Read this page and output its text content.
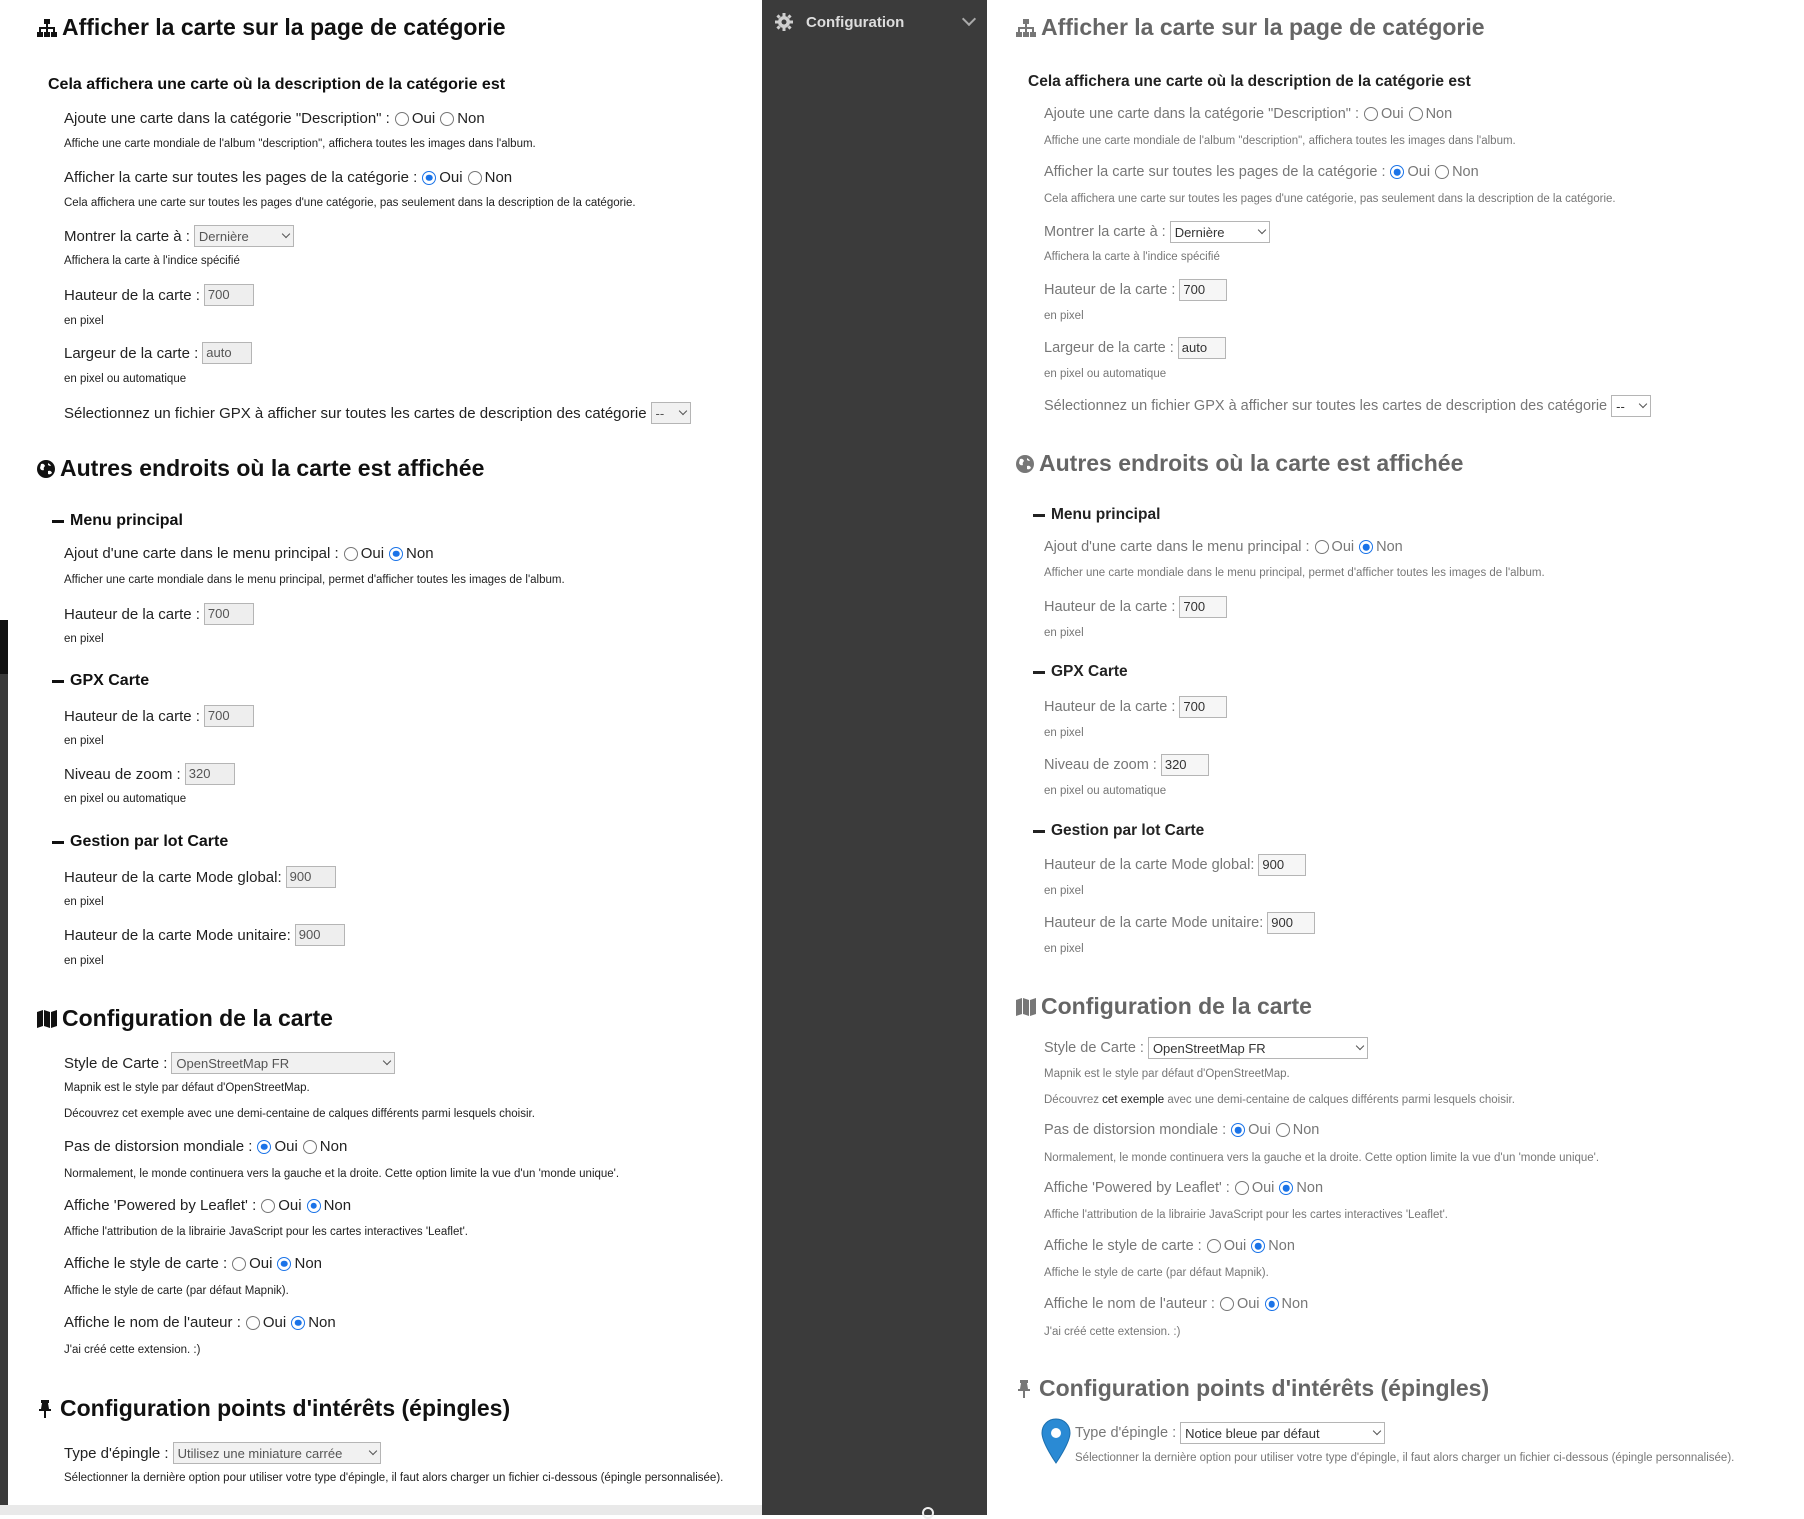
Afficher la carte sur la page de catégorie
Cela affichera une carte où la description de la catégorie est
Ajoute une carte dans la catégorie "Description" : Oui Non
Affiche une carte mondiale de l'album "description", affichera toutes les images dans l'album.
Afficher la carte sur toutes les pages de la catégorie : Oui Non
Cela affichera une carte sur toutes les pages d'une catégorie, pas seulement dans la description de la catégorie.
Montrer la carte à : Dernière
Affichera la carte à l'indice spécifié
Hauteur de la carte : 700
en pixel
Largeur de la carte : auto
en pixel ou automatique
Sélectionnez un fichier GPX à afficher sur toutes les cartes de description des catégorie --
Autres endroits où la carte est affichée
Menu principal
Ajout d'une carte dans le menu principal : Oui Non
Afficher une carte mondiale dans le menu principal, permet d'afficher toutes les images de l'album.
Hauteur de la carte : 700
en pixel
GPX Carte
Hauteur de la carte : 700
en pixel
Niveau de zoom : 320
en pixel ou automatique
Gestion par lot Carte
Hauteur de la carte Mode global: 900
en pixel
Hauteur de la carte Mode unitaire: 900
en pixel
Configuration de la carte
Style de Carte : OpenStreetMap FR
Mapnik est le style par défaut d'OpenStreetMap.
Découvrez cet exemple avec une demi-centaine de calques différents parmi lesquels choisir.
Pas de distorsion mondiale : Oui Non
Normalement, le monde continuera vers la gauche et la droite. Cette option limite la vue d'un 'monde unique'.
Affiche 'Powered by Leaflet' : Oui Non
Affiche l'attribution de la librairie JavaScript pour les cartes interactives 'Leaflet'.
Affiche le style de carte : Oui Non
Affiche le style de carte (par défaut Mapnik).
Affiche le nom de l'auteur : Oui Non
J'ai créé cette extension. :)
Configuration points d'intérêts (épingles)
Type d'épingle : Utilisez une miniature carrée
Sélectionner la dernière option pour utiliser votre type d'épingle, il faut alors charger un fichier ci-dessous (épingle personnalisée).
Configuration	Afficher la carte sur la page de catégorie
Cela affichera une carte où la description de la catégorie est
Ajoute une carte dans la catégorie "Description" : Oui Non
Affiche une carte mondiale de l'album "description", affichera toutes les images dans l'album.
Afficher la carte sur toutes les pages de la catégorie : Oui Non
Cela affichera une carte sur toutes les pages d'une catégorie, pas seulement dans la description de la catégorie.
Montrer la carte à : Dernière
Affichera la carte à l'indice spécifié
Hauteur de la carte : 700
en pixel
Largeur de la carte : auto
en pixel ou automatique
Sélectionnez un fichier GPX à afficher sur toutes les cartes de description des catégorie --
Autres endroits où la carte est affichée
Menu principal
Ajout d'une carte dans le menu principal : Oui Non
Afficher une carte mondiale dans le menu principal, permet d'afficher toutes les images de l'album.
Hauteur de la carte : 700
en pixel
GPX Carte
Hauteur de la carte : 700
en pixel
Niveau de zoom : 320
en pixel ou automatique
Gestion par lot Carte
Hauteur de la carte Mode global: 900
en pixel
Hauteur de la carte Mode unitaire: 900
en pixel
Configuration de la carte
Style de Carte : OpenStreetMap FR
Mapnik est le style par défaut d'OpenStreetMap.
Découvrez cet exemple avec une demi-centaine de calques différents parmi lesquels choisir.
Pas de distorsion mondiale : Oui Non
Normalement, le monde continuera vers la gauche et la droite. Cette option limite la vue d'un 'monde unique'.
Affiche 'Powered by Leaflet' : Oui Non
Affiche l'attribution de la librairie JavaScript pour les cartes interactives 'Leaflet'.
Affiche le style de carte : Oui Non
Affiche le style de carte (par défaut Mapnik).
Affiche le nom de l'auteur : Oui Non
J'ai créé cette extension. :)
Configuration points d'intérêts (épingles)
Type d'épingle : Notice bleue par défaut
Sélectionner la dernière option pour utiliser votre type d'épingle, il faut alors charger un fichier ci-dessous (épingle personnalisée).
